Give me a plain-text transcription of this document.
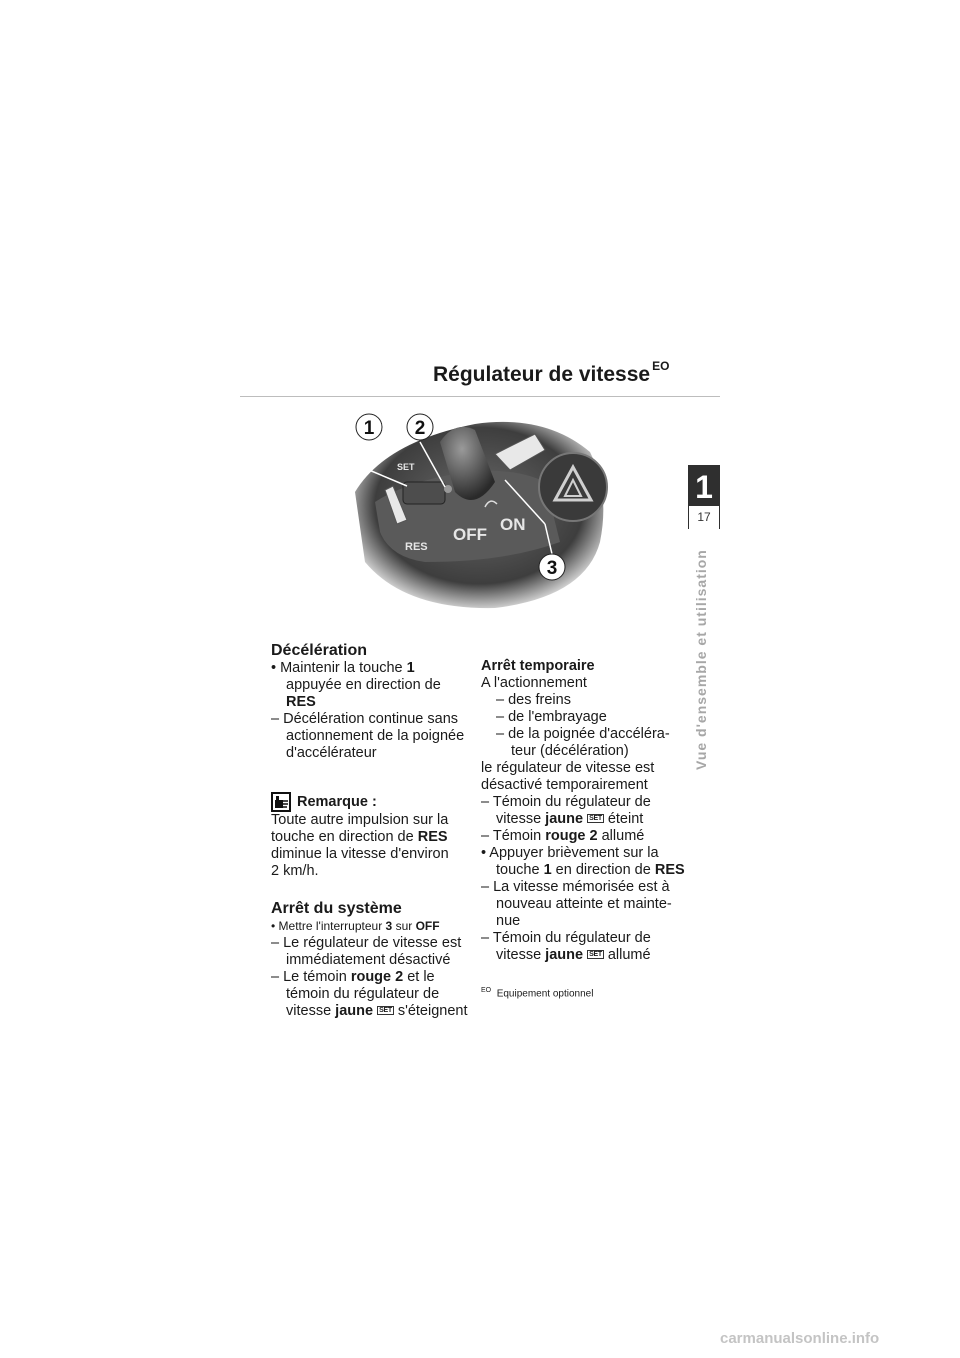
Régulateur de vitesse $^{EO}$
SET
RES
OFF
ON
1 2
3

Décélération

• Maintenir la touche 1
appuyée en direction de RES

– Décélération continue sans actionnement de la poignée d'accélérateur

Remarque :

Toute autre impulsion sur la

touche en direction de RES

diminue la vitesse d'environ

2 km/h.

Arrêt du système

• Mettre l'interrupteur 3 sur OFF

– Le régulateur de vitesse est immédiatement désactivé

– Le témoin rouge 2 et le témoin du régulateur de vitesse jaune SET s'éteignent

Arrêt temporaire

A l'actionnement

– des freins

– de l'embrayage

– de la poignée d'accéléra-teur (décélération)

le régulateur de vitesse est désactivé temporairement

– Témoin du régulateur de vitesse jaune SET éteint

– Témoin rouge 2 allumé

• Appuyer brièvement sur la touche 1 en direction de RES

– La vitesse mémorisée est à nouveau atteinte et mainte-nue

– Témoin du régulateur de vitesse jaune SET allumé

$^{EO}$ Equipement optionnel

1
17
Vue d'ensemble et utilisation
carmanualsonline.info
